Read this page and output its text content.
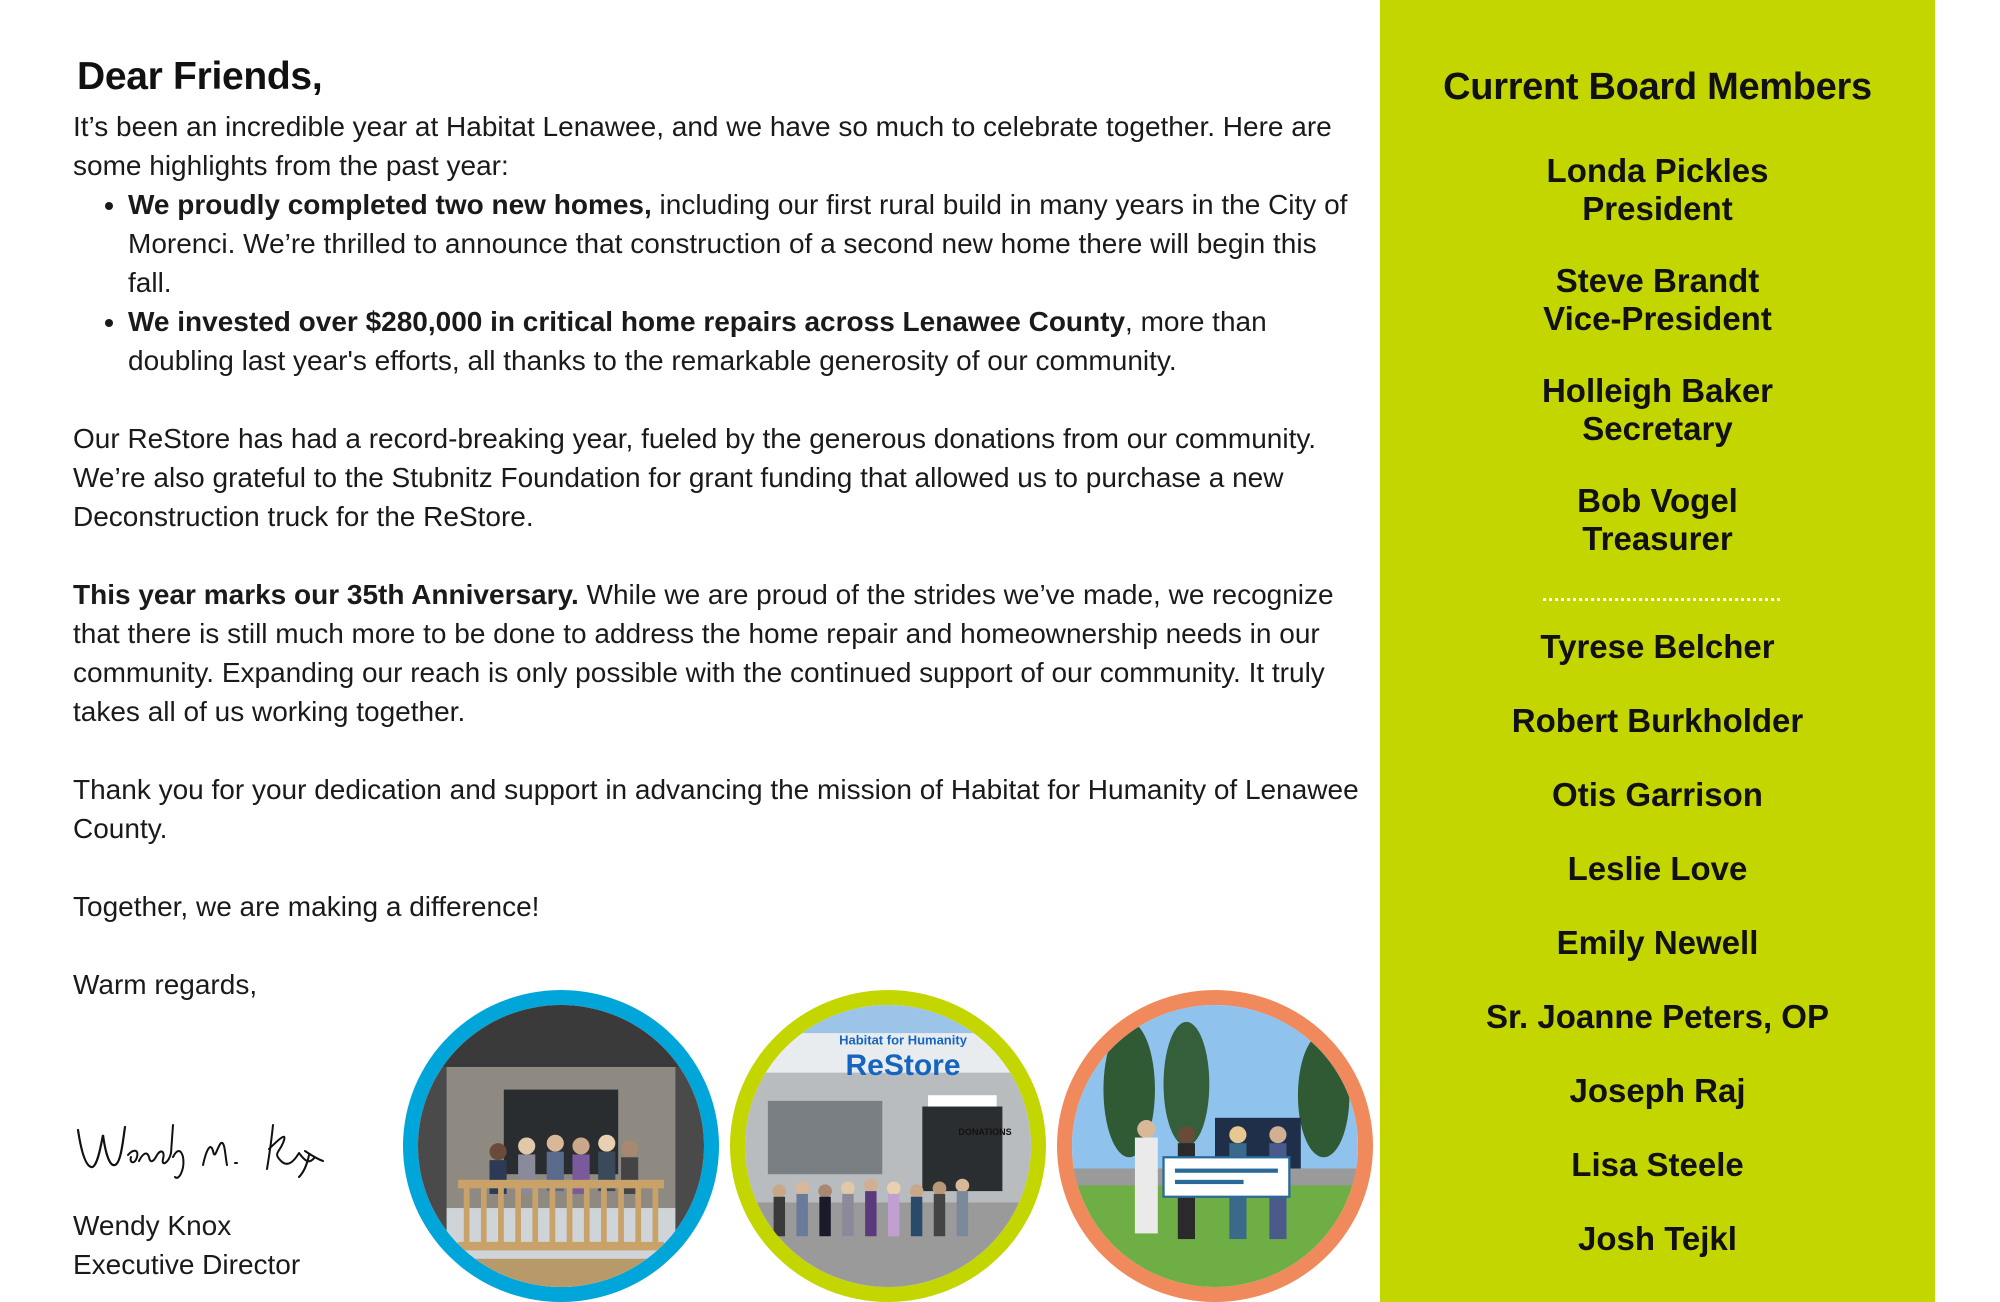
Dear Friends,

It’s been an incredible year at Habitat Lenawee, and we have so much to celebrate together. Here are some highlights from the past year:

• We proudly completed two new homes, including our first rural build in many years in the City of Morenci. We’re thrilled to announce that construction of a second new home there will begin this fall.
• We invested over $280,000 in critical home repairs across Lenawee County, more than doubling last year's efforts, all thanks to the remarkable generosity of our community.

Our ReStore has had a record-breaking year, fueled by the generous donations from our community. We’re also grateful to the Stubnitz Foundation for grant funding that allowed us to purchase a new Deconstruction truck for the ReStore.

This year marks our 35th Anniversary. While we are proud of the strides we’ve made, we recognize that there is still much more to be done to address the home repair and homeownership needs in our community. Expanding our reach is only possible with the continued support of our community. It truly takes all of us working together.

Thank you for your dedication and support in advancing the mission of Habitat for Humanity of Lenawee County.

Together, we are making a difference!

Warm regards,

Wendy Knox
Executive Director
Habitat for Humanity ReStore
DONATIONS
Current Board Members
Londa Pickles
President
Steve Brandt
Vice-President
Holleigh Baker
Secretary
Bob Vogel
Treasurer
Tyrese Belcher
Robert Burkholder
Otis Garrison
Leslie Love
Emily Newell
Sr. Joanne Peters, OP
Joseph Raj
Lisa Steele
Josh Tejkl
